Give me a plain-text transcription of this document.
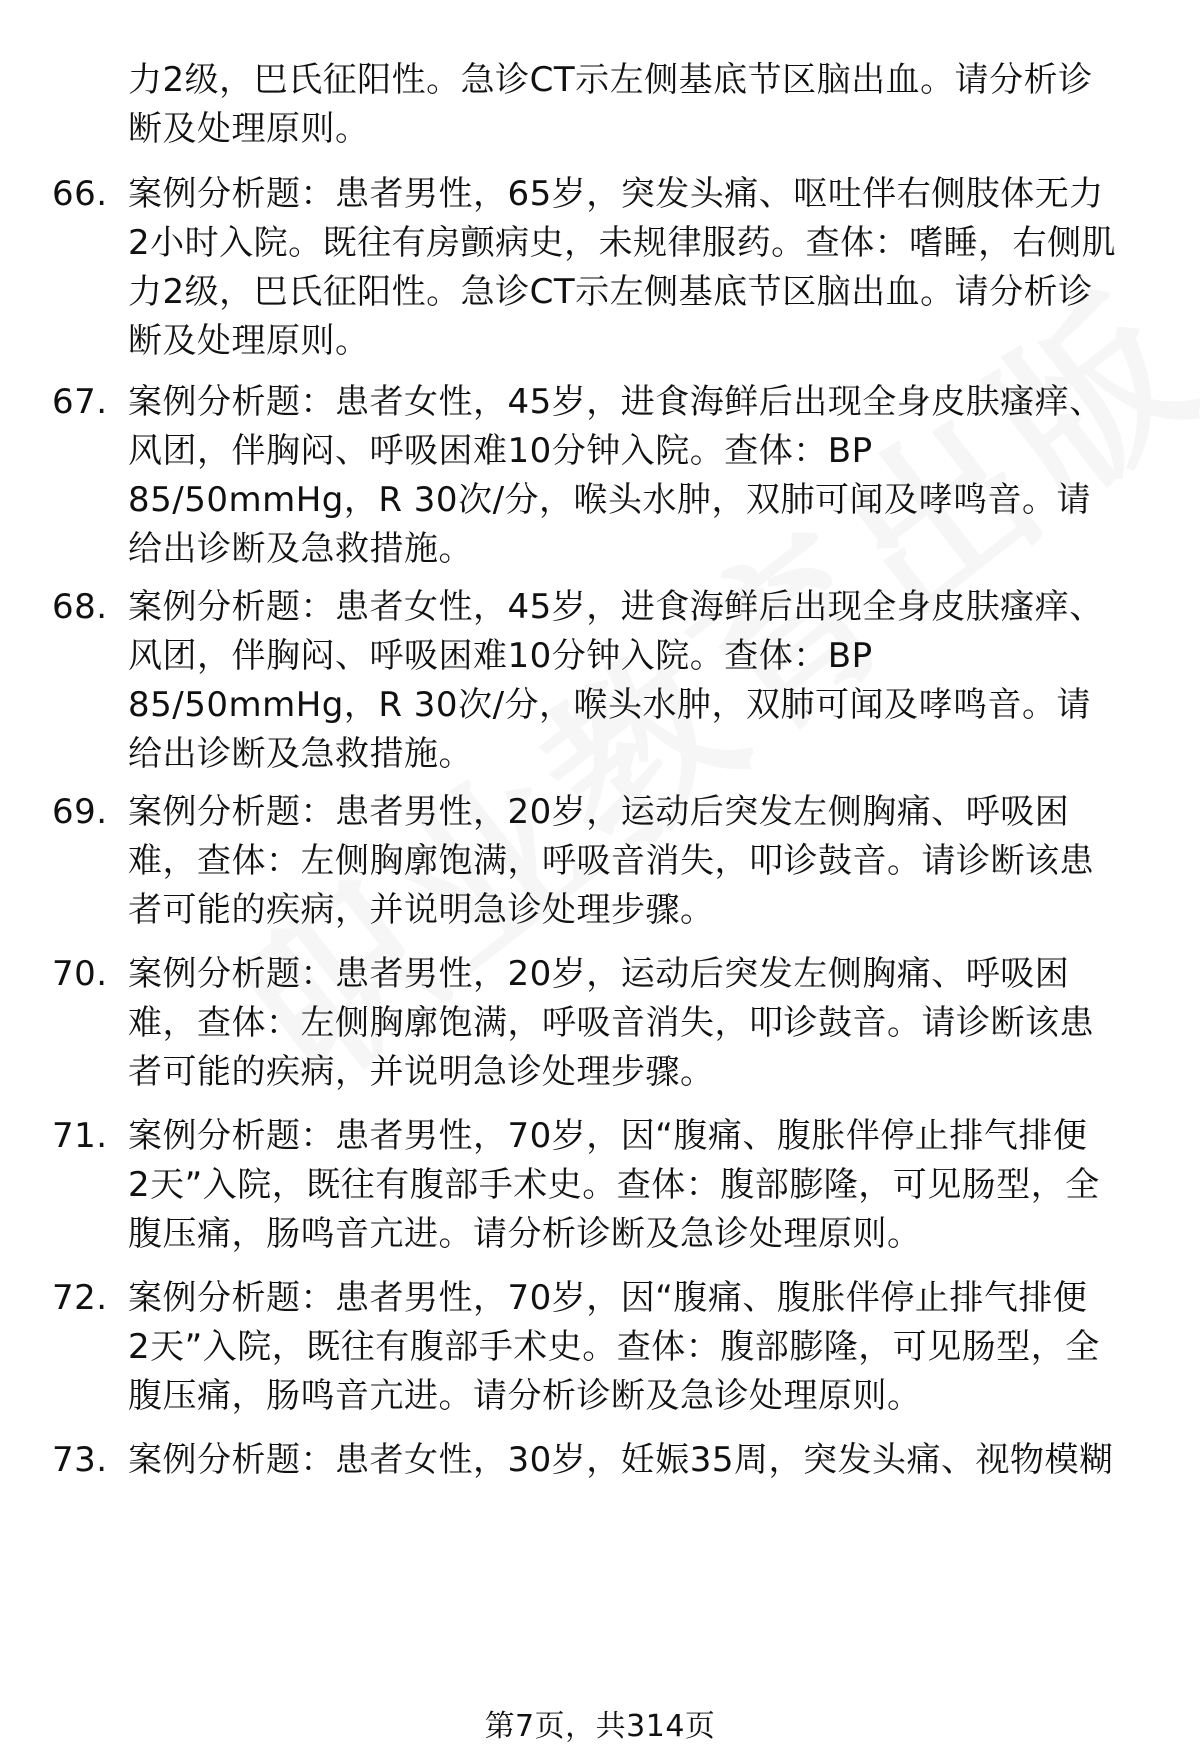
力2级，巴氏征阳性。急诊CT示左侧基底节区脑出血。请分析诊
断及处理原则。
66. 案例分析题：患者男性，65岁，突发头痛、呕吐伴右侧肢体无力
2小时入院。既往有房颤病史，未规律服药。查体：嗜睡，右侧肌
力2级，巴氏征阳性。急诊CT示左侧基底节区脑出血。请分析诊
断及处理原则。
67. 案例分析题：患者女性，45岁，进食海鲜后出现全身皮肤瘙痒、
风团，伴胸闷、呼吸困难10分钟入院。查体：BP
85/50mmHg，R 30次/分，喉头水肿，双肺可闻及哮鸣音。请
给出诊断及急救措施。
68. 案例分析题：患者女性，45岁，进食海鲜后出现全身皮肤瘙痒、
风团，伴胸闷、呼吸困难10分钟入院。查体：BP
85/50mmHg，R 30次/分，喉头水肿，双肺可闻及哮鸣音。请
给出诊断及急救措施。
69. 案例分析题：患者男性，20岁，运动后突发左侧胸痛、呼吸困
难，查体：左侧胸廓饱满，呼吸音消失，叩诊鼓音。请诊断该患
者可能的疾病，并说明急诊处理步骤。
70. 案例分析题：患者男性，20岁，运动后突发左侧胸痛、呼吸困
难，查体：左侧胸廓饱满，呼吸音消失，叩诊鼓音。请诊断该患
者可能的疾病，并说明急诊处理步骤。
71. 案例分析题：患者男性，70岁，因“腹痛、腹胀伴停止排气排便
2天”入院，既往有腹部手术史。查体：腹部膨隆，可见肠型，全
腹压痛，肠鸣音亢进。请分析诊断及急诊处理原则。
72. 案例分析题：患者男性，70岁，因“腹痛、腹胀伴停止排气排便
2天”入院，既往有腹部手术史。查体：腹部膨隆，可见肠型，全
腹压痛，肠鸣音亢进。请分析诊断及急诊处理原则。
73. 案例分析题：患者女性，30岁，妊娠35周，突发头痛、视物模糊
第7页，共314页
